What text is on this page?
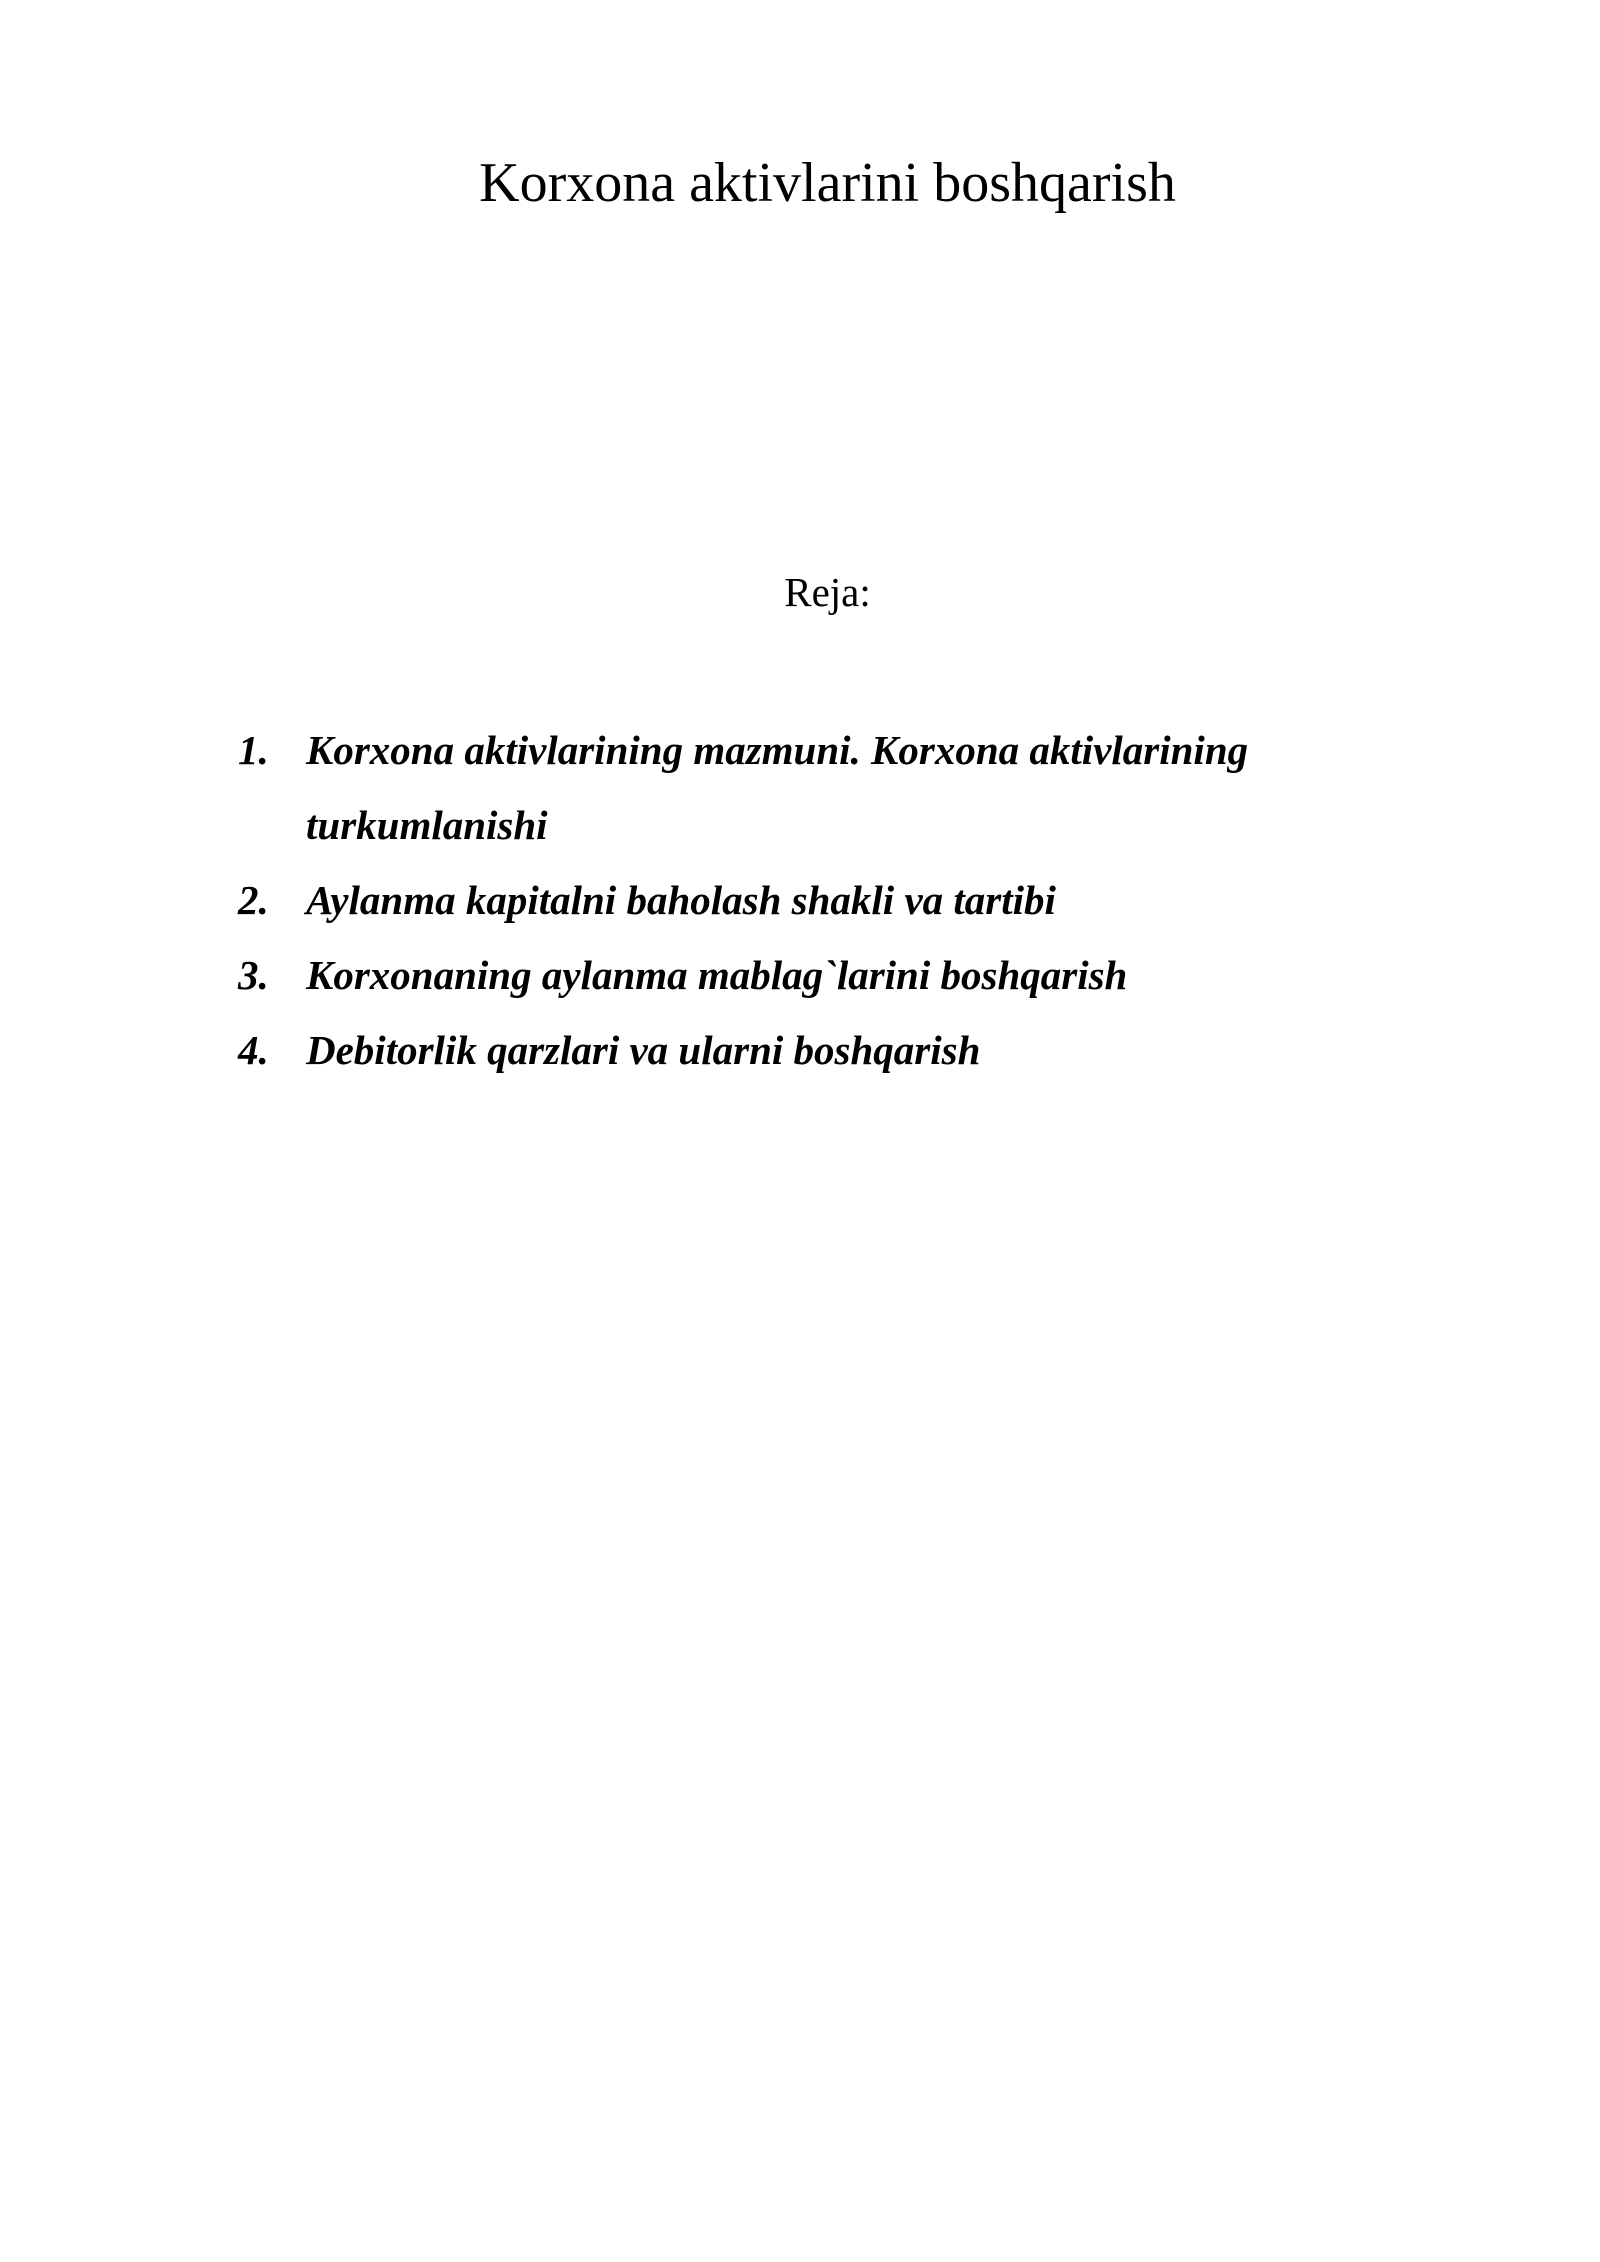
Korxona aktivlarini boshqarish
Reja:
1. Korxona aktivlarining mazmuni. Korxona aktivlarining turkumlanishi
2. Aylanma kapitalni baholash shakli va tartibi
3. Korxonaning aylanma mablag`larini boshqarish
4. Debitorlik qarzlari va ularni boshqarish
